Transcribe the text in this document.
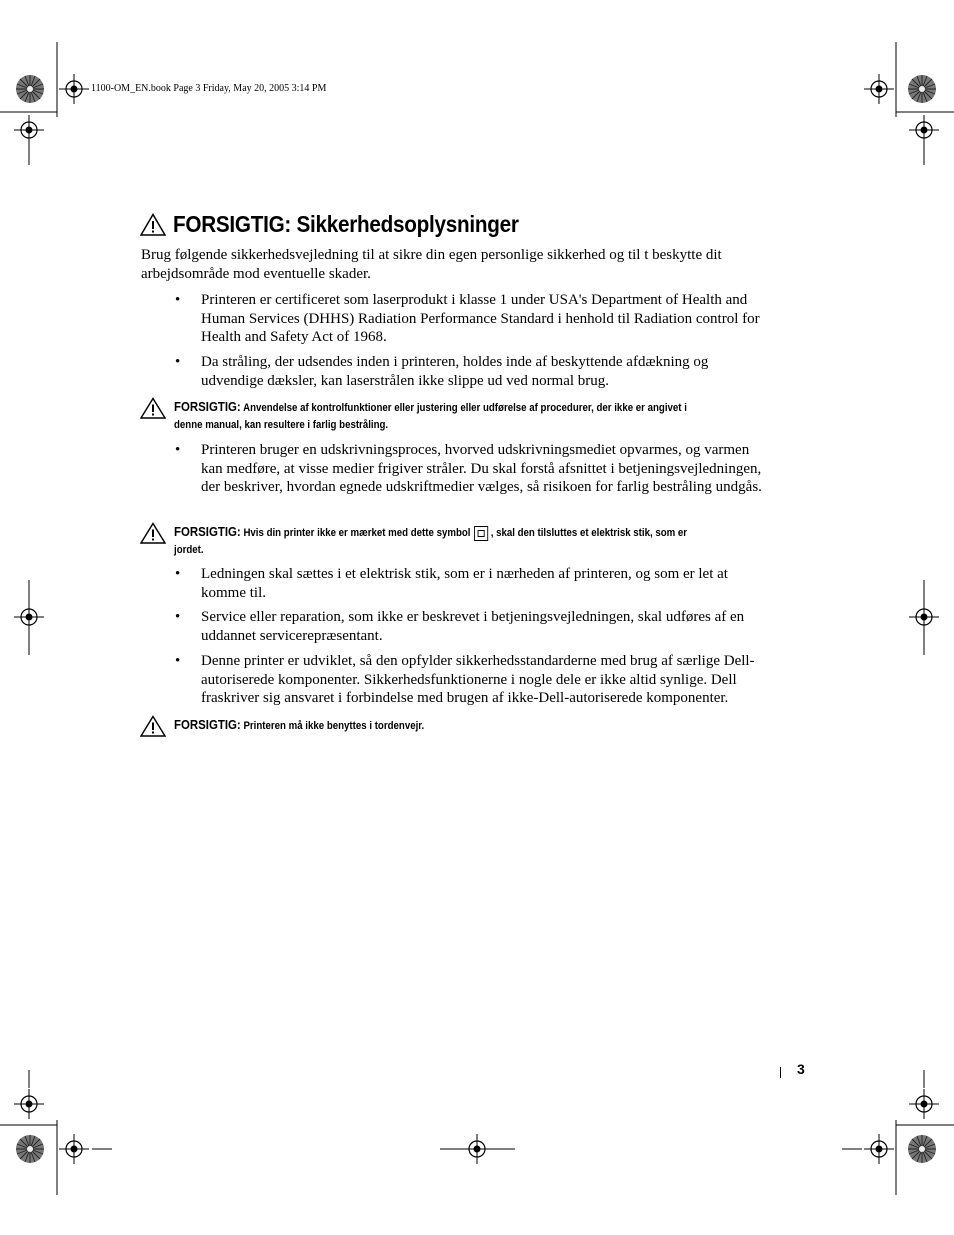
1100-OM_EN.book Page 3 Friday, May 20, 2005 3:14 PM
FORSIGTIG: Sikkerhedsoplysninger

Brug følgende sikkerhedsvejledning til at sikre din egen personlige sikkerhed og til t beskytte dit arbejdsområde mod eventuelle skader.

• Printeren er certificeret som laserprodukt i klasse 1 under USA's Department of Health and Human Services (DHHS) Radiation Performance Standard i henhold til Radiation control for Health and Safety Act of 1968.
• Da stråling, der udsendes inden i printeren, holdes inde af beskyttende afdækning og udvendige dæksler, kan laserstrålen ikke slippe ud ved normal brug.
FORSIGTIG: Anvendelse af kontrolfunktioner eller justering eller udførelse af procedurer, der ikke er angivet i denne manual, kan resultere i farlig bestråling.
• Printeren bruger en udskrivningsproces, hvorved udskrivningsmediet opvarmes, og varmen kan medføre, at visse medier frigiver stråler. Du skal forstå afsnittet i betjeningsvejledningen, der beskriver, hvordan egnede udskriftmedier vælges, så risikoen for farlig bestråling undgås.
FORSIGTIG: Hvis din printer ikke er mærket med dette symbol , skal den tilsluttes et elektrisk stik, som er jordet.
• Ledningen skal sættes i et elektrisk stik, som er i nærheden af printeren, og som er let at komme til.
• Service eller reparation, som ikke er beskrevet i betjeningsvejledningen, skal udføres af en uddannet servicerepræsentant.
• Denne printer er udviklet, så den opfylder sikkerhedsstandarderne med brug af særlige Dell-autoriserede komponenter. Sikkerhedsfunktionerne i nogle dele er ikke altid synlige. Dell fraskriver sig ansvaret i forbindelse med brugen af ikke-Dell-autoriserede komponenter.
FORSIGTIG: Printeren må ikke benyttes i tordenvejr.
3
